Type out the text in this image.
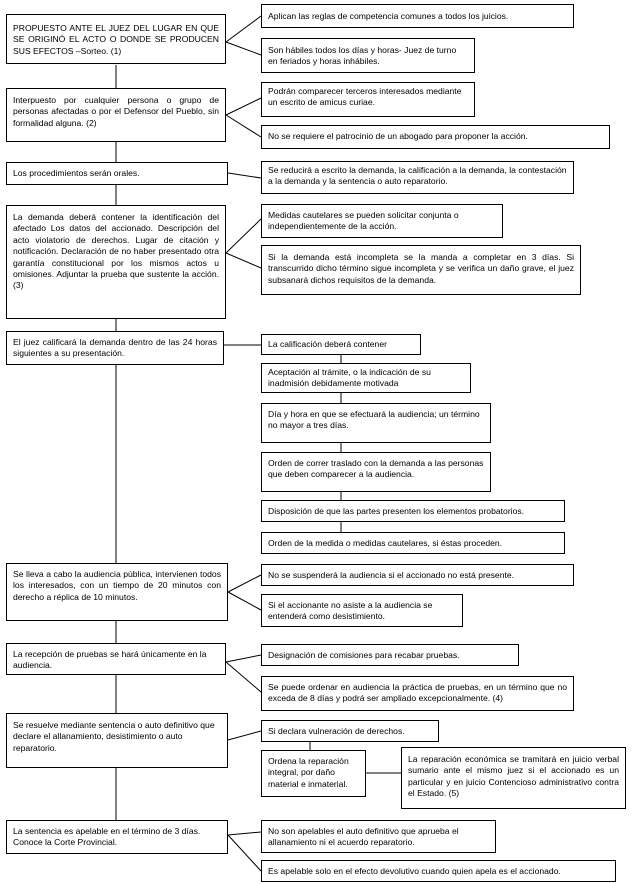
PROPUESTO ANTE EL JUEZ DEL LUGAR EN QUE SE ORIGINÓ EL ACTO O DONDE SE PRODUCEN SUS EFECTOS –Sorteo. (1)
Aplican las reglas de competencia comunes a todos los juicios.
Son hábiles todos los días y horas- Juez de turno en feriados y horas inhábiles.
Interpuesto por cualquier persona o grupo de personas afectadas o por el Defensor del Pueblo, sin formalidad alguna. (2)
Podrán comparecer terceros interesados mediante un escrito de amicus curiae.
No se requiere el patrocinio de un abogado para proponer la acción.
Los procedimientos serán orales.	Se reducirá a escrito la demanda, la calificación a la demanda, la contestación a la demanda y la sentencia o auto reparatorio.
La demanda deberá contener la identificación del afectado Los datos del accionado. Descripción del acto violatorio de derechos. Lugar de citación y notificación. Declaración de no haber presentado otra garantía constitucional por los mismos actos u omisiones. Adjuntar la prueba que sustente la acción. (3)
Medidas cautelares se pueden solicitar conjunta o independientemente de la acción.
Si la demanda está incompleta se la manda a completar en 3 días. Si transcurrido dicho término sigue incompleta y se verifica un daño grave, el juez subsanará dichos requisitos de la demanda.
El juez calificará la demanda dentro de las 24 horas siguientes a su presentación.
La calificación deberá contener
Aceptación al trámite, o la indicación de su inadmisión debidamente motivada
Día y hora en que se efectuará la audiencia; un término no mayor a tres días.
Orden de correr traslado con la demanda a las personas que deben comparecer a la audiencia.
Disposición de que las partes presenten los elementos probatorios.
Orden de la medida o medidas cautelares, si éstas proceden.
Se lleva a cabo la audiencia pública, intervienen todos los interesados, con un tiempo de 20 minutos con derecho a réplica de 10 minutos.
No se suspenderá la audiencia si el accionado no está presente.
Si el accionante no asiste a la audiencia se entenderá como desistimiento.
La recepción de pruebas se hará únicamente en la audiencia.
Designación de comisiones para recabar pruebas.
Se puede ordenar en audiencia la práctica de pruebas, en un término que no exceda de 8 días y podrá ser ampliado excepcionalmente. (4)
Se resuelve mediante sentencia o auto definitivo que declare el allanamiento, desistimiento o auto reparatorio.
Si declara vulneración de derechos.
Ordena la reparación integral, por daño material e inmaterial.
La reparación económica se tramitará en juicio verbal sumario ante el mismo juez si el accionado es un particular y en juicio Contencioso administrativo contra el Estado. (5)
La sentencia es apelable en el término de 3 días. Conoce la Corte Provincial.
No son apelables el auto definitivo que aprueba el allanamiento ni el acuerdo reparatorio.
Es apelable solo en el efecto devolutivo cuando quien apela es el accionado.
